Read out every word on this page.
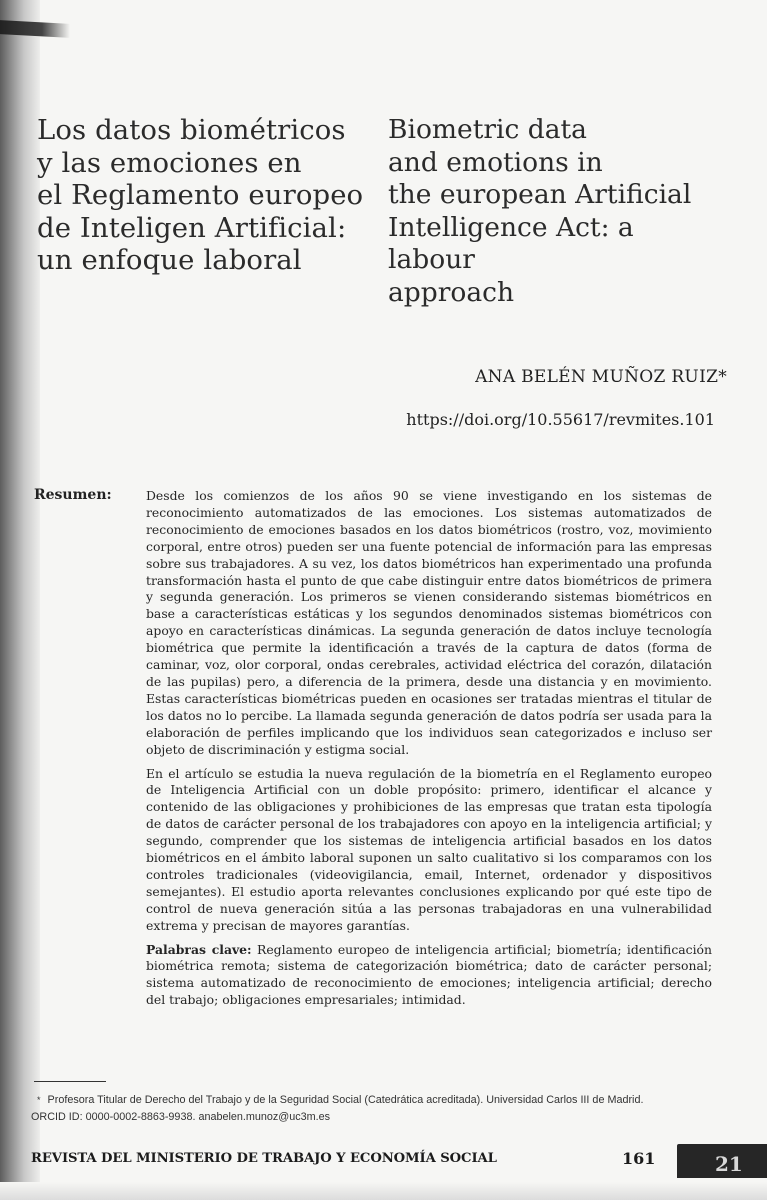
Los datos biométricos
y las emociones en
el Reglamento europeo
de Inteligen Artificial:
un enfoque laboral
Biometric data
and emotions in
the european Artificial
Intelligence Act: a labour
approach
ANA BELÉN MUÑOZ RUIZ*
https://doi.org/10.55617/revmites.101
Resumen:	Desde los comienzos de los años 90 se viene investigando en los sistemas de reconocimiento automatizados de las emociones. Los sistemas automatizados de reconocimiento de emociones basados en los datos biométricos (rostro, voz, movimiento corporal, entre otros) pueden ser una fuente potencial de información para las empresas sobre sus trabajadores. A su vez, los datos biométricos han experimentado una profunda transformación hasta el punto de que cabe distinguir entre datos biométricos de primera y segunda generación. Los primeros se vienen considerando sistemas biométricos en base a características estáticas y los segundos denominados sistemas biométricos con apoyo en características dinámicas. La segunda generación de datos incluye tecnología biométrica que permite la identificación a través de la captura de datos (forma de caminar, voz, olor corporal, ondas cerebrales, actividad eléctrica del corazón, dilatación de las pupilas) pero, a diferencia de la primera, desde una distancia y en movimiento. Estas características biométricas pueden en ocasiones ser tratadas mientras el titular de los datos no lo percibe. La llamada segunda generación de datos podría ser usada para la elaboración de perfiles implicando que los individuos sean categorizados e incluso ser objeto de discriminación y estigma social.

En el artículo se estudia la nueva regulación de la biometría en el Reglamento europeo de Inteligencia Artificial con un doble propósito: primero, identificar el alcance y contenido de las obligaciones y prohibiciones de las empresas que tratan esta tipología de datos de carácter personal de los trabajadores con apoyo en la inteligencia artificial; y segundo, comprender que los sistemas de inteligencia artificial basados en los datos biométricos en el ámbito laboral suponen un salto cualitativo si los comparamos con los controles tradicionales (videovigilancia, email, Internet, ordenador y dispositivos semejantes). El estudio aporta relevantes conclusiones explicando por qué este tipo de control de nueva generación sitúa a las personas trabajadoras en una vulnerabilidad extrema y precisan de mayores garantías.

Palabras clave: Reglamento europeo de inteligencia artificial; biometría; identificación biométrica remota; sistema de categorización biométrica; dato de carácter personal; sistema automatizado de reconocimiento de emociones; inteligencia artificial; derecho del trabajo; obligaciones empresariales; intimidad.

* Profesora Titular de Derecho del Trabajo y de la Seguridad Social (Catedrática acreditada). Universidad Carlos III de Madrid.
ORCID ID: 0000-0002-8863-9938. anabelen.munoz@uc3m.es
REVISTA DEL MINISTERIO DE TRABAJO Y ECONOMÍA SOCIAL	161	21
